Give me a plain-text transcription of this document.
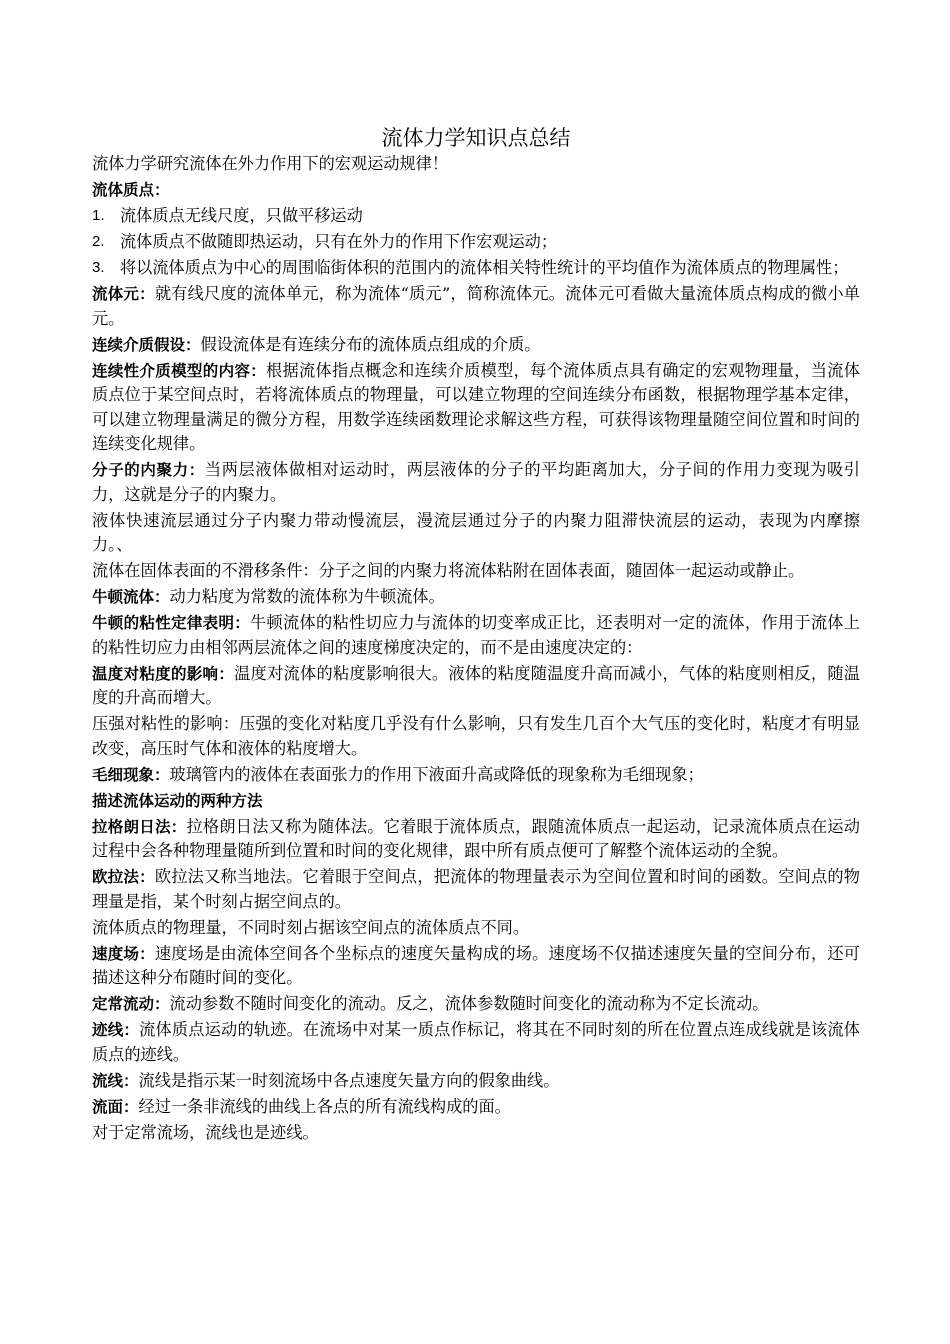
流体力学知识点总结

流体力学研究流体在外力作用下的宏观运动规律！

流体质点：

1. 流体质点无线尺度，只做平移运动
2. 流体质点不做随即热运动，只有在外力的作用下作宏观运动；
3. 将以流体质点为中心的周围临街体积的范围内的流体相关特性统计的平均值作为流体质点的物理属性；

流体元：就有线尺度的流体单元，称为流体“质元”，简称流体元。流体元可看做大量流体质点构成的微小单元。

连续介质假设：假设流体是有连续分布的流体质点组成的介质。

连续性介质模型的内容：根据流体指点概念和连续介质模型，每个流体质点具有确定的宏观物理量，当流体质点位于某空间点时，若将流体质点的物理量，可以建立物理的空间连续分布函数，根据物理学基本定律，可以建立物理量满足的微分方程，用数学连续函数理论求解这些方程，可获得该物理量随空间位置和时间的连续变化规律。

分子的内聚力：当两层液体做相对运动时，两层液体的分子的平均距离加大，分子间的作用力变现为吸引力，这就是分子的内聚力。

液体快速流层通过分子内聚力带动慢流层，漫流层通过分子的内聚力阻滞快流层的运动，表现为内摩擦力。、

流体在固体表面的不滑移条件：分子之间的内聚力将流体粘附在固体表面，随固体一起运动或静止。

牛顿流体：动力粘度为常数的流体称为牛顿流体。

牛顿的粘性定律表明：牛顿流体的粘性切应力与流体的切变率成正比，还表明对一定的流体，作用于流体上的粘性切应力由相邻两层流体之间的速度梯度决定的，而不是由速度决定的：

温度对粘度的影响：温度对流体的粘度影响很大。液体的粘度随温度升高而减小，气体的粘度则相反，随温度的升高而增大。

压强对粘性的影响：压强的变化对粘度几乎没有什么影响，只有发生几百个大气压的变化时，粘度才有明显改变，高压时气体和液体的粘度增大。

毛细现象：玻璃管内的液体在表面张力的作用下液面升高或降低的现象称为毛细现象；

描述流体运动的两种方法

拉格朗日法：拉格朗日法又称为随体法。它着眼于流体质点，跟随流体质点一起运动，记录流体质点在运动过程中会各种物理量随所到位置和时间的变化规律，跟中所有质点便可了解整个流体运动的全貌。

欧拉法：欧拉法又称当地法。它着眼于空间点，把流体的物理量表示为空间位置和时间的函数。空间点的物理量是指，某个时刻占据空间点的。

流体质点的物理量，不同时刻占据该空间点的流体质点不同。

速度场：速度场是由流体空间各个坐标点的速度矢量构成的场。速度场不仅描述速度矢量的空间分布，还可描述这种分布随时间的变化。

定常流动：流动参数不随时间变化的流动。反之，流体参数随时间变化的流动称为不定长流动。

迹线：流体质点运动的轨迹。在流场中对某一质点作标记，将其在不同时刻的所在位置点连成线就是该流体质点的迹线。

流线：流线是指示某一时刻流场中各点速度矢量方向的假象曲线。

流面：经过一条非流线的曲线上各点的所有流线构成的面。

对于定常流场，流线也是迹线。
